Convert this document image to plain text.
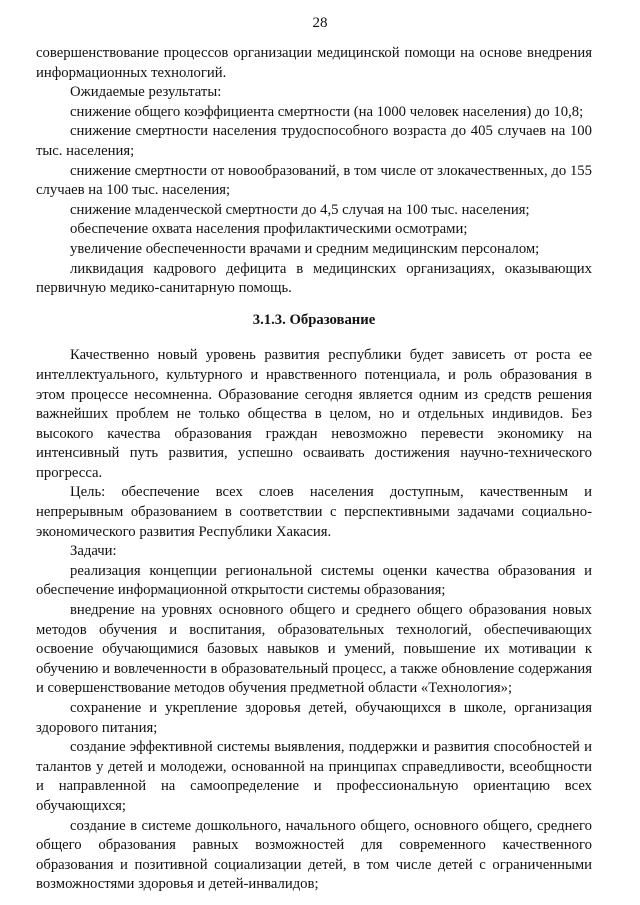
28

совершенствование процессов организации медицинской помощи на основе внедрения информационных технологий.

Ожидаемые результаты:

снижение общего коэффициента смертности (на 1000 человек населения) до 10,8;

снижение смертности населения трудоспособного возраста до 405 случаев на 100 тыс. населения;

снижение смертности от новообразований, в том числе от злокачественных, до 155 случаев на 100 тыс. населения;

снижение младенческой смертности до 4,5 случая на 100 тыс. населения;

обеспечение охвата населения профилактическими осмотрами;

увеличение обеспеченности врачами и средним медицинским персоналом;

ликвидация кадрового дефицита в медицинских организациях, оказывающих первичную медико-санитарную помощь.

3.1.3. Образование

Качественно новый уровень развития республики будет зависеть от роста ее интеллектуального, культурного и нравственного потенциала, и роль образования в этом процессе несомненна. Образование сегодня является одним из средств решения важнейших проблем не только общества в целом, но и отдельных индивидов. Без высокого качества образования граждан невозможно перевести экономику на интенсивный путь развития, успешно осваивать достижения научно-технического прогресса.

Цель: обеспечение всех слоев населения доступным, качественным и непрерывным образованием в соответствии с перспективными задачами социально-экономического развития Республики Хакасия.

Задачи:

реализация концепции региональной системы оценки качества образования и обеспечение информационной открытости системы образования;

внедрение на уровнях основного общего и среднего общего образования новых методов обучения и воспитания, образовательных технологий, обеспечивающих освоение обучающимися базовых навыков и умений, повышение их мотивации к обучению и вовлеченности в образовательный процесс, а также обновление содержания и совершенствование методов обучения предметной области «Технология»;

сохранение и укрепление здоровья детей, обучающихся в школе, организация здорового питания;

создание эффективной системы выявления, поддержки и развития способностей и талантов у детей и молодежи, основанной на принципах справедливости, всеобщности и направленной на самоопределение и профессиональную ориентацию всех обучающихся;

создание в системе дошкольного, начального общего, основного общего, среднего общего образования равных возможностей для современного качественного образования и позитивной социализации детей, в том числе детей с ограниченными возможностями здоровья и детей-инвалидов;
